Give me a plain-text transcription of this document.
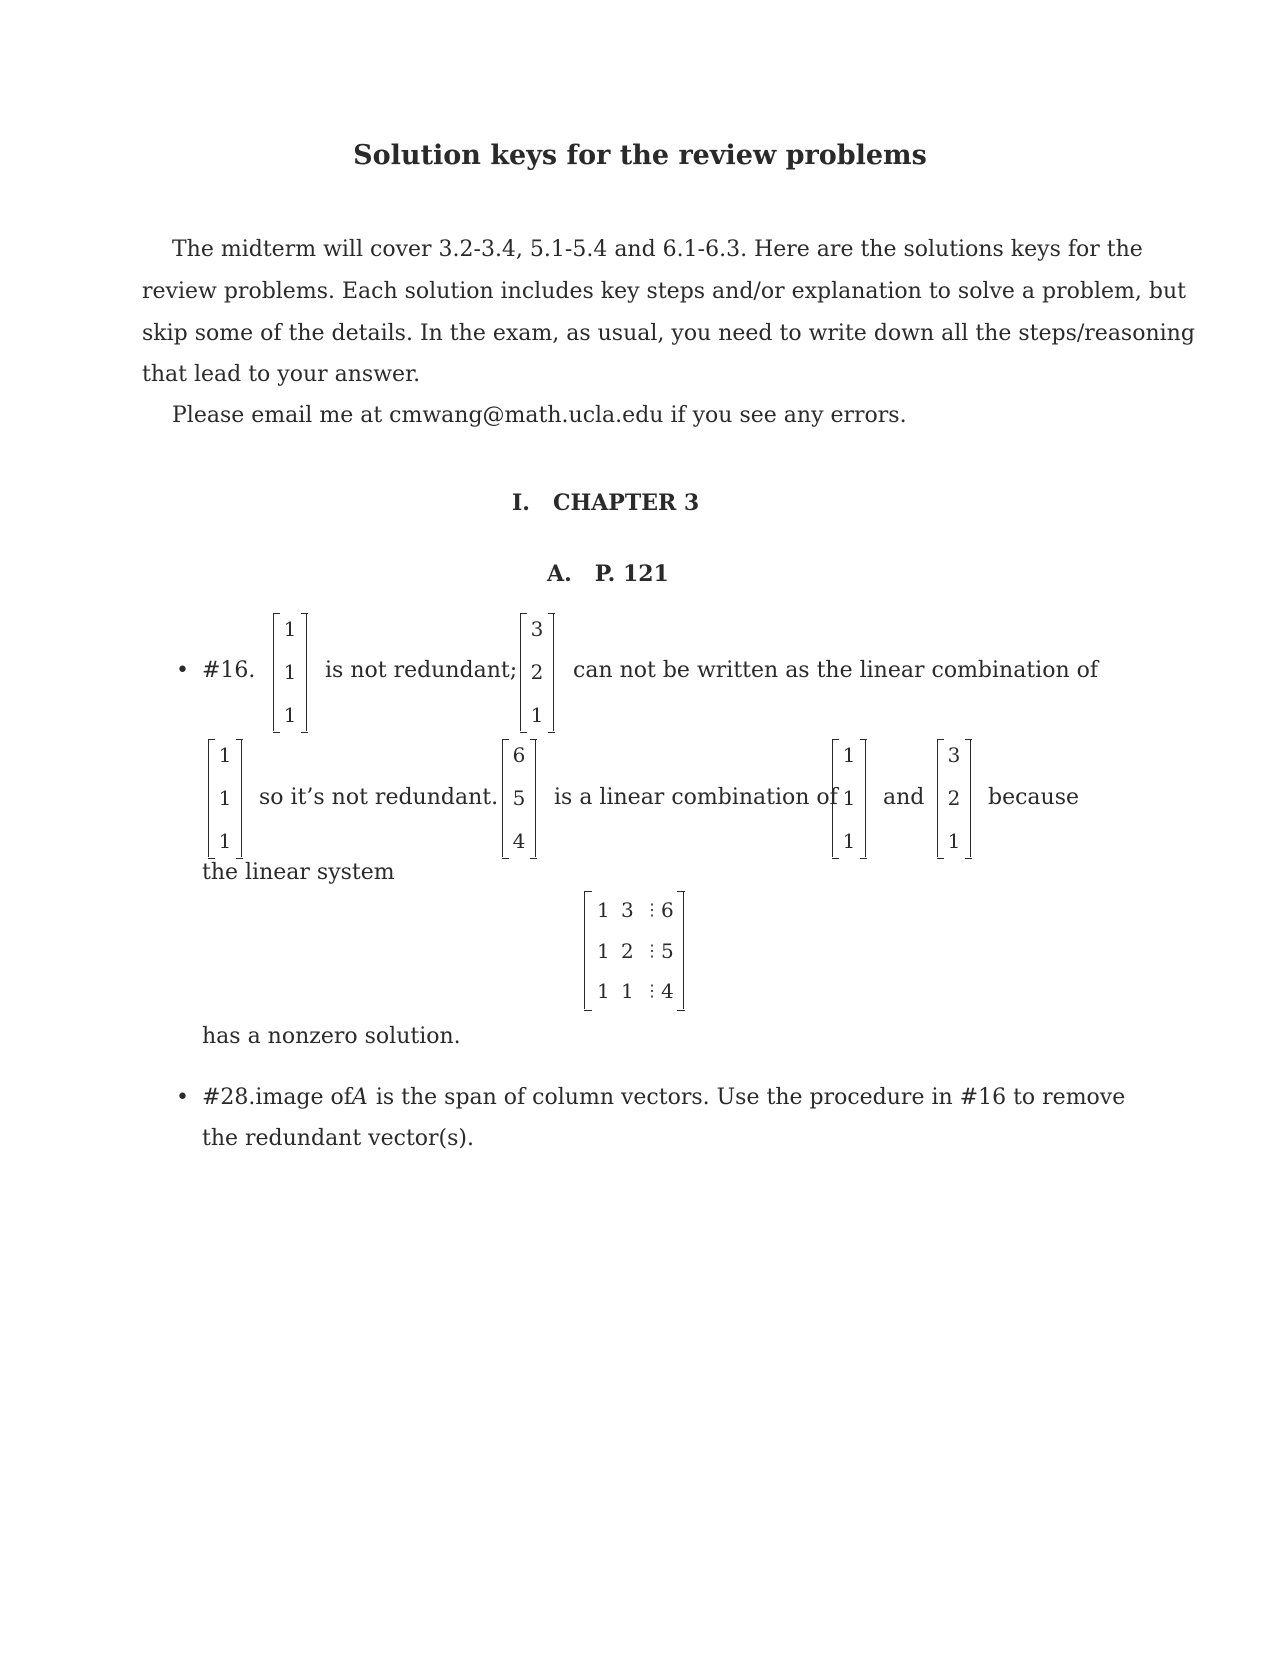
Solution keys for the review problems
The midterm will cover 3.2-3.4, 5.1-5.4 and 6.1-6.3. Here are the solutions keys for the
review problems. Each solution includes key steps and/or explanation to solve a problem, but
skip some of the details. In the exam, as usual, you need to write down all the steps/reasoning
that lead to your answer.
Please email me at cmwang@math.ucla.edu if you see any errors.
I. CHAPTER 3
A. P. 121
• #16.
1
1
1
is not redundant;
3
2
1
can not be written as the linear combination of
1
1
1
so it’s not redundant.
6
5
4
is a linear combination of
1
1
1
and
3
2
1
because
the linear system
1 3 ⋮ 6
1 2 ⋮ 5
1 1 ⋮ 4
has a nonzero solution.
• #28. image of A is the span of column vectors. Use the procedure in #16 to remove
the redundant vector(s).
